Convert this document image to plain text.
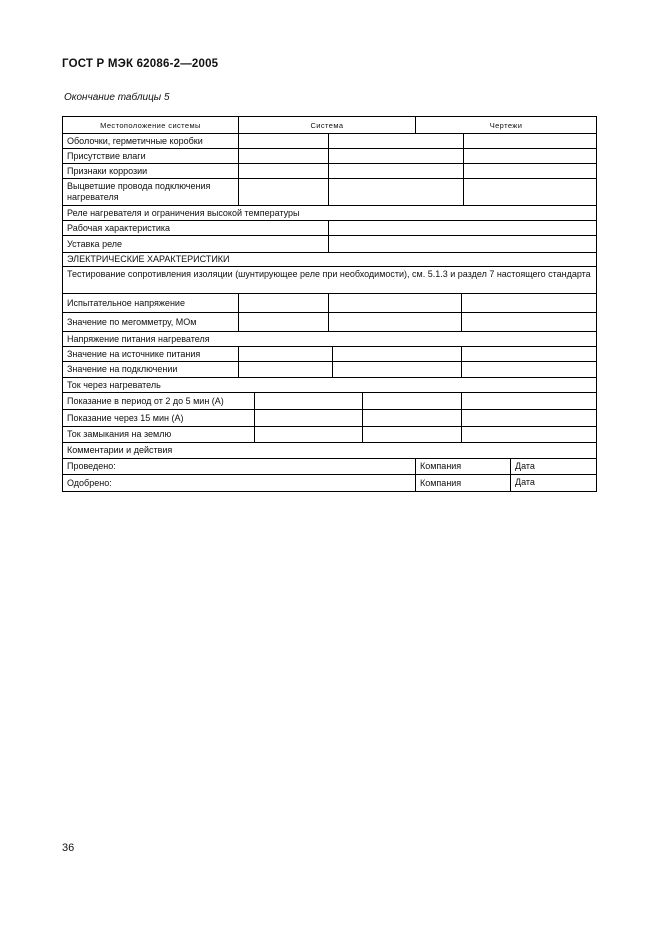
ГОСТ Р МЭК 62086-2—2005
Окончание таблицы 5
Местоположение системы	Система	Чертежи
Оболочки, герметичные коробки
Присутствие влаги
Признаки коррозии
Выцветшие провода подключения нагревателя
Реле нагревателя и ограничения высокой температуры
Рабочая характеристика
Уставка реле
ЭЛЕКТРИЧЕСКИЕ ХАРАКТЕРИСТИКИ
Тестирование сопротивления изоляции (шунтирующее реле при необходимости), см. 5.1.3 и раздел 7 настоящего стандарта
Испытательное напряжение
Значение по мегомметру, МОм
Напряжение питания нагревателя
Значение на источнике питания
Значение на подключении
Ток через нагреватель
Показание в период от 2 до 5 мин (А)
Показание через 15 мин (А)
Ток замыкания на землю
Комментарии и действия
Проведено:	Компания	Дата
Одобрено:	Компания	Дата
36
